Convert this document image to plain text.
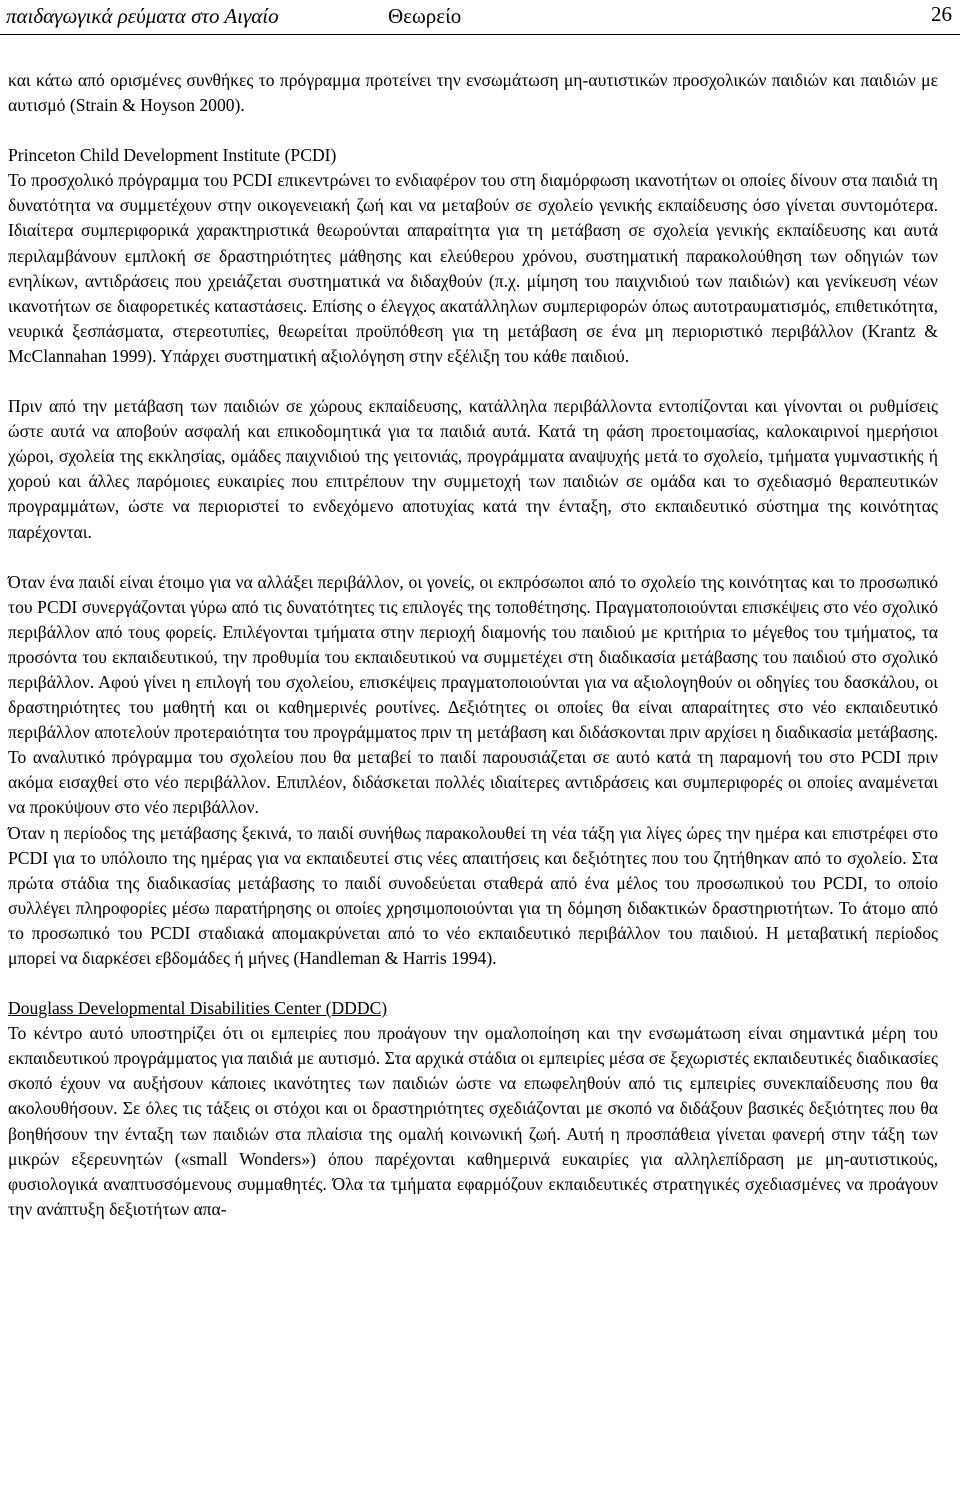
παιδαγωγικά ρεύματα στο Αιγαίο	Θεωρείο	26

και κάτω από ορισμένες συνθήκες το πρόγραμμα προτείνει την ενσωμάτωση μη-αυτιστικών προσχολικών παιδιών και παιδιών με αυτισμό (Strain & Hoyson 2000).

Princeton Child Development Institute (PCDI)

Το προσχολικό πρόγραμμα του PCDI επικεντρώνει το ενδιαφέρον του στη διαμόρφωση ικανοτήτων οι οποίες δίνουν στα παιδιά τη δυνατότητα να συμμετέχουν στην οικογενειακή ζωή και να μεταβούν σε σχολείο γενικής εκπαίδευσης όσο γίνεται συντομότερα. Ιδιαίτερα συμπεριφορικά χαρακτηριστικά θεωρούνται απαραίτητα για τη μετάβαση σε σχολεία γενικής εκπαίδευσης και αυτά περιλαμβάνουν εμπλοκή σε δραστηριότητες μάθησης και ελεύθερου χρόνου, συστηματική παρακολούθηση των οδηγιών των ενηλίκων, αντιδράσεις που χρειάζεται συστηματικά να διδαχθούν (π.χ. μίμηση του παιχνιδιού των παιδιών) και γενίκευση νέων ικανοτήτων σε διαφορετικές καταστάσεις. Επίσης ο έλεγχος ακατάλληλων συμπεριφορών όπως αυτοτραυματισμός, επιθετικότητα, νευρικά ξεσπάσματα, στερεοτυπίες, θεωρείται προϋπόθεση για τη μετάβαση σε ένα μη περιοριστικό περιβάλλον (Krantz & McClannahan 1999). Υπάρχει συστηματική αξιολόγηση στην εξέλιξη του κάθε παιδιού.

Πριν από την μετάβαση των παιδιών σε χώρους εκπαίδευσης, κατάλληλα περιβάλλοντα εντοπίζονται και γίνονται οι ρυθμίσεις ώστε αυτά να αποβούν ασφαλή και επικοδομητικά για τα παιδιά αυτά. Κατά τη φάση προετοιμασίας, καλοκαιρινοί ημερήσιοι χώροι, σχολεία της εκκλησίας, ομάδες παιχνιδιού της γειτονιάς, προγράμματα αναψυχής μετά το σχολείο, τμήματα γυμναστικής ή χορού και άλλες παρόμοιες ευκαιρίες που επιτρέπουν την συμμετοχή των παιδιών σε ομάδα και το σχεδιασμό θεραπευτικών προγραμμάτων, ώστε να περιοριστεί το ενδεχόμενο αποτυχίας κατά την ένταξη, στο εκπαιδευτικό σύστημα της κοινότητας παρέχονται.

Όταν ένα παιδί είναι έτοιμο για να αλλάξει περιβάλλον, οι γονείς, οι εκπρόσωποι από το σχολείο της κοινότητας και το προσωπικό του PCDI συνεργάζονται γύρω από τις δυνατότητες τις επιλογές της τοποθέτησης. Πραγματοποιούνται επισκέψεις στο νέο σχολικό περιβάλλον από τους φορείς. Επιλέγονται τμήματα στην περιοχή διαμονής του παιδιού με κριτήρια το μέγεθος του τμήματος, τα προσόντα του εκπαιδευτικού, την προθυμία του εκπαιδευτικού να συμμετέχει στη διαδικασία μετάβασης του παιδιού στο σχολικό περιβάλλον. Αφού γίνει η επιλογή του σχολείου, επισκέψεις πραγματοποιούνται για να αξιολογηθούν οι οδηγίες του δασκάλου, οι δραστηριότητες του μαθητή και οι καθημερινές ρουτίνες. Δεξιότητες οι οποίες θα είναι απαραίτητες στο νέο εκπαιδευτικό περιβάλλον αποτελούν προτεραιότητα του προγράμματος πριν τη μετάβαση και διδάσκονται πριν αρχίσει η διαδικασία μετάβασης. Το αναλυτικό πρόγραμμα του σχολείου που θα μεταβεί το παιδί παρουσιάζεται σε αυτό κατά τη παραμονή του στο PCDI πριν ακόμα εισαχθεί στο νέο περιβάλλον. Επιπλέον, διδάσκεται πολλές ιδιαίτερες αντιδράσεις και συμπεριφορές οι οποίες αναμένεται να προκύψουν στο νέο περιβάλλον.

Όταν η περίοδος της μετάβασης ξεκινά, το παιδί συνήθως παρακολουθεί τη νέα τάξη για λίγες ώρες την ημέρα και επιστρέφει στο PCDI για το υπόλοιπο της ημέρας για να εκπαιδευτεί στις νέες απαιτήσεις και δεξιότητες που του ζητήθηκαν από το σχολείο. Στα πρώτα στάδια της διαδικασίας μετάβασης το παιδί συνοδεύεται σταθερά από ένα μέλος του προσωπικού του PCDI, το οποίο συλλέγει πληροφορίες μέσω παρατήρησης οι οποίες χρησιμοποιούνται για τη δόμηση διδακτικών δραστηριοτήτων. Το άτομο από το προσωπικό του PCDI σταδιακά απομακρύνεται από το νέο εκπαιδευτικό περιβάλλον του παιδιού. Η μεταβατική περίοδος μπορεί να διαρκέσει εβδομάδες ή μήνες (Handleman & Harris 1994).

Douglass Developmental Disabilities Center (DDDC)

Το κέντρο αυτό υποστηρίζει ότι οι εμπειρίες που προάγουν την ομαλοποίηση και την ενσωμάτωση είναι σημαντικά μέρη του εκπαιδευτικού προγράμματος για παιδιά με αυτισμό. Στα αρχικά στάδια οι εμπειρίες μέσα σε ξεχωριστές εκπαιδευτικές διαδικασίες σκοπό έχουν να αυξήσουν κάποιες ικανότητες των παιδιών ώστε να επωφεληθούν από τις εμπειρίες συνεκπαίδευσης που θα ακολουθήσουν. Σε όλες τις τάξεις οι στόχοι και οι δραστηριότητες σχεδιάζονται με σκοπό να διδάξουν βασικές δεξιότητες που θα βοηθήσουν την ένταξη των παιδιών στα πλαίσια της ομαλή κοινωνική ζωή. Αυτή η προσπάθεια γίνεται φανερή στην τάξη των μικρών εξερευνητών («small Wonders») όπου παρέχονται καθημερινά ευκαιρίες για αλληλεπίδραση με μη-αυτιστικούς, φυσιολογικά αναπτυσσόμενους συμμαθητές. Όλα τα τμήματα εφαρμόζουν εκπαιδευτικές στρατηγικές σχεδιασμένες να προάγουν την ανάπτυξη δεξιοτήτων απα-
